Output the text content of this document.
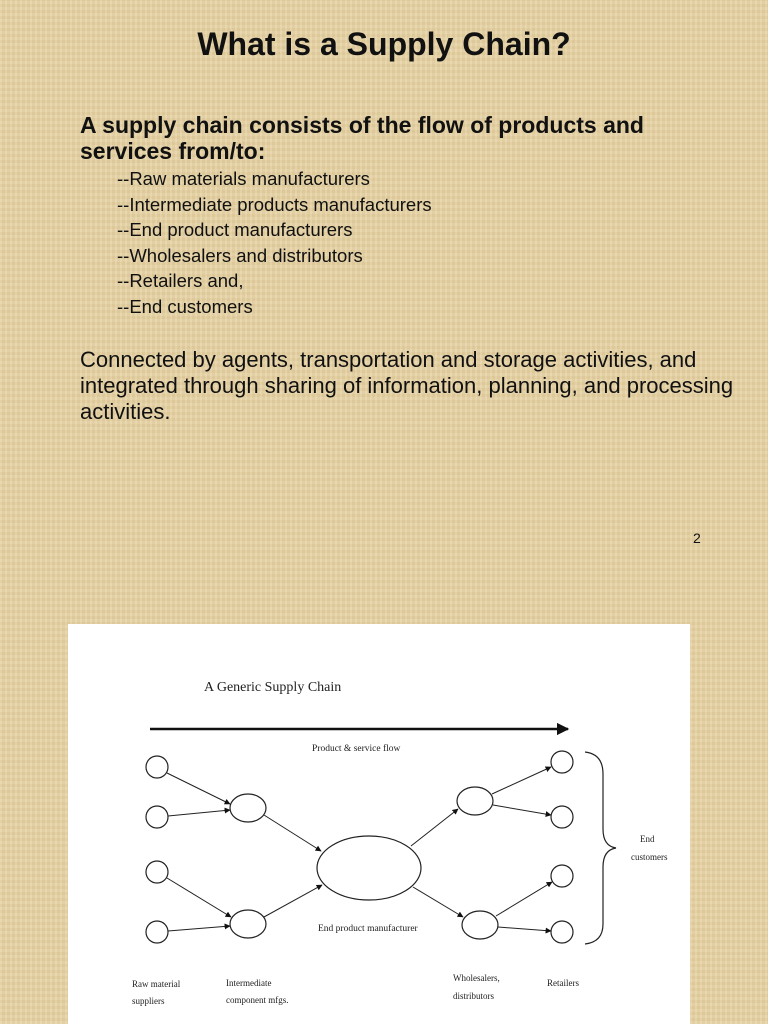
What is a Supply Chain?

A supply chain consists of the flow of products and services from/to:

--Raw materials manufacturers
--Intermediate products manufacturers
--End product manufacturers
--Wholesalers and distributors
--Retailers and,
--End customers

Connected by agents, transportation and storage activities, and integrated through sharing of information, planning, and processing activities.

2
A Generic Supply Chain
Product & service flow
End
customers
End product manufacturer
Raw material
suppliers
Intermediate
component mfgs.
Wholesalers,
distributors
Retailers
